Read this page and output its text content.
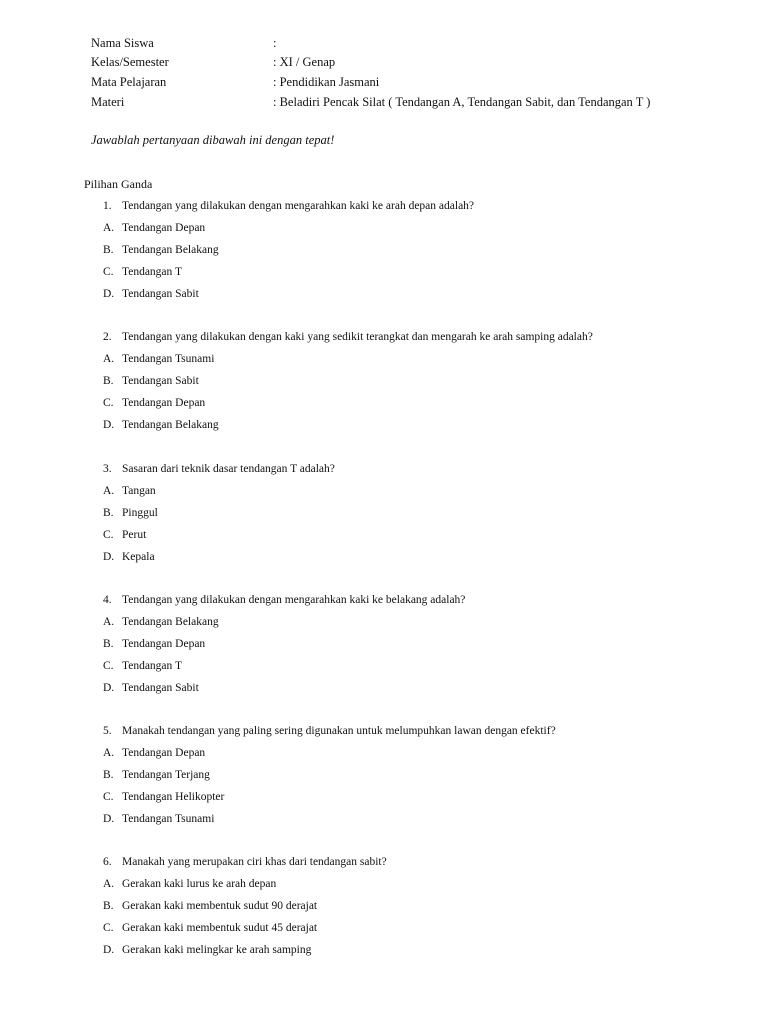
Nama Siswa	:
Kelas/Semester	: XI / Genap
Mata Pelajaran	: Pendidikan Jasmani
Materi	: Beladiri Pencak Silat ( Tendangan A, Tendangan Sabit, dan Tendangan T )
Jawablah pertanyaan dibawah ini dengan tepat!
Pilihan Ganda
1. Tendangan yang dilakukan dengan mengarahkan kaki ke arah depan adalah?
A. Tendangan Depan
B. Tendangan Belakang
C. Tendangan T
D. Tendangan Sabit
2. Tendangan yang dilakukan dengan kaki yang sedikit terangkat dan mengarah ke arah samping adalah?
A. Tendangan Tsunami
B. Tendangan Sabit
C. Tendangan Depan
D. Tendangan Belakang
3. Sasaran dari teknik dasar tendangan T adalah?
A. Tangan
B. Pinggul
C. Perut
D. Kepala
4. Tendangan yang dilakukan dengan mengarahkan kaki ke belakang adalah?
A. Tendangan Belakang
B. Tendangan Depan
C. Tendangan T
D. Tendangan Sabit
5. Manakah tendangan yang paling sering digunakan untuk melumpuhkan lawan dengan efektif?
A. Tendangan Depan
B. Tendangan Terjang
C. Tendangan Helikopter
D. Tendangan Tsunami
6. Manakah yang merupakan ciri khas dari tendangan sabit?
A. Gerakan kaki lurus ke arah depan
B. Gerakan kaki membentuk sudut 90 derajat
C. Gerakan kaki membentuk sudut 45 derajat
D. Gerakan kaki melingkar ke arah samping
